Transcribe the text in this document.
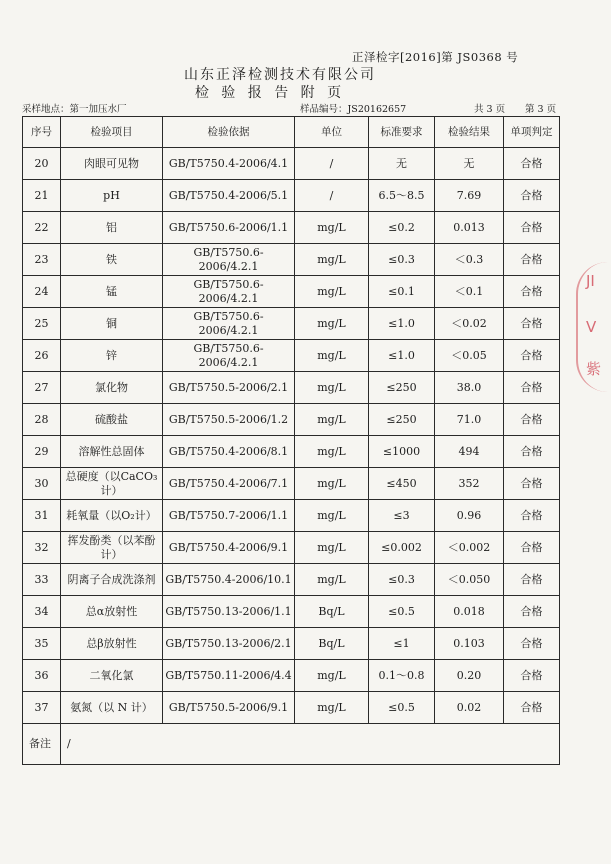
正泽检字[2016]第 JS0368 号
山东正泽检测技术有限公司
检 验 报 告 附 页
采样地点：第一加压水厂	样品编号：JS20162657	共 3 页 第 3 页
序号	检验项目	检验依据	单位	标准要求	检验结果	单项判定
20	肉眼可见物	GB/T5750.4-2006/4.1	/	无	无	合格
21	pH	GB/T5750.4-2006/5.1	/	6.5～8.5	7.69	合格
22	铝	GB/T5750.6-2006/1.1	mg/L	≤0.2	0.013	合格
23	铁	GB/T5750.6-2006/4.2.1	mg/L	≤0.3	＜0.3	合格
24	锰	GB/T5750.6-2006/4.2.1	mg/L	≤0.1	＜0.1	合格
25	铜	GB/T5750.6-2006/4.2.1	mg/L	≤1.0	＜0.02	合格
26	锌	GB/T5750.6-2006/4.2.1	mg/L	≤1.0	＜0.05	合格
27	氯化物	GB/T5750.5-2006/2.1	mg/L	≤250	38.0	合格
28	硫酸盐	GB/T5750.5-2006/1.2	mg/L	≤250	71.0	合格
29	溶解性总固体	GB/T5750.4-2006/8.1	mg/L	≤1000	494	合格
30	总硬度（以CaCO₃计）	GB/T5750.4-2006/7.1	mg/L	≤450	352	合格
31	耗氧量（以O₂计）	GB/T5750.7-2006/1.1	mg/L	≤3	0.96	合格
32	挥发酚类（以苯酚计）	GB/T5750.4-2006/9.1	mg/L	≤0.002	＜0.002	合格
33	阴离子合成洗涤剂	GB/T5750.4-2006/10.1	mg/L	≤0.3	＜0.050	合格
34	总α放射性	GB/T5750.13-2006/1.1	Bq/L	≤0.5	0.018	合格
35	总β放射性	GB/T5750.13-2006/2.1	Bq/L	≤1	0.103	合格
36	二氧化氯	GB/T5750.11-2006/4.4	mg/L	0.1～0.8	0.20	合格
37	氨氮（以 N 计）	GB/T5750.5-2006/9.1	mg/L	≤0.5	0.02	合格
备注	/					
JI
V
紫
